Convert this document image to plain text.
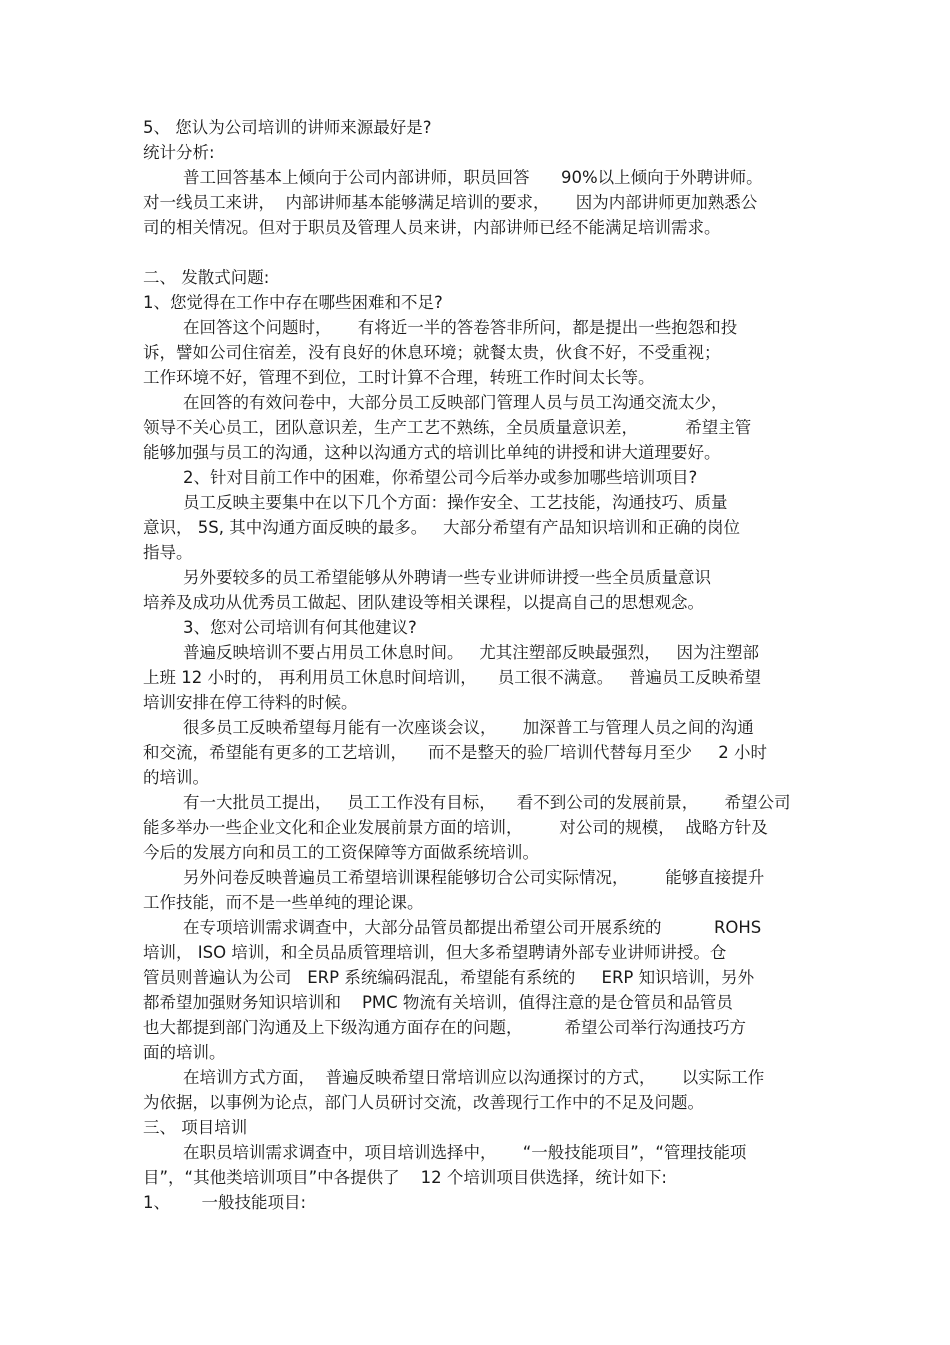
5、 您认为公司培训的讲师来源最好是?
统计分析:
普工回答基本上倾向于公司内部讲师，职员回答      90%以上倾向于外聘讲师。
对一线员工来讲，  内部讲师基本能够满足培训的要求，     因为内部讲师更加熟悉公
司的相关情况。但对于职员及管理人员来讲，内部讲师已经不能满足培训需求。
二、 发散式问题:
1、您觉得在工作中存在哪些困难和不足?
在回答这个问题时，     有将近一半的答卷答非所问，都是提出一些抱怨和投
诉，譬如公司住宿差，没有良好的休息环境；就餐太贵，伙食不好，不受重视；
工作环境不好，管理不到位，工时计算不合理，转班工作时间太长等。
在回答的有效问卷中，大部分员工反映部门管理人员与员工沟通交流太少，
领导不关心员工，团队意识差，生产工艺不熟练，全员质量意识差，         希望主管
能够加强与员工的沟通，这种以沟通方式的培训比单纯的讲授和讲大道理要好。
2、针对目前工作中的困难，你希望公司今后举办或参加哪些培训项目?
员工反映主要集中在以下几个方面：操作安全、工艺技能，沟通技巧、质量
意识， 5S, 其中沟通方面反映的最多。   大部分希望有产品知识培训和正确的岗位
指导。
另外要较多的员工希望能够从外聘请一些专业讲师讲授一些全员质量意识
培养及成功从优秀员工做起、团队建设等相关课程，以提高自己的思想观念。
3、您对公司培训有何其他建议?
普遍反映培训不要占用员工休息时间。   尤其注塑部反映最强烈，   因为注塑部
上班 12 小时的， 再利用员工休息时间培训，    员工很不满意。   普遍员工反映希望
培训安排在停工待料的时候。
很多员工反映希望每月能有一次座谈会议，     加深普工与管理人员之间的沟通
和交流，希望能有更多的工艺培训，    而不是整天的验厂培训代替每月至少     2 小时
的培训。
有一大批员工提出，   员工工作没有目标，    看不到公司的发展前景，     希望公司
能多举办一些企业文化和企业发展前景方面的培训，       对公司的规模，  战略方针及
今后的发展方向和员工的工资保障等方面做系统培训。
另外问卷反映普遍员工希望培训课程能够切合公司实际情况，       能够直接提升
工作技能，而不是一些单纯的理论课。
在专项培训需求调查中，大部分品管员都提出希望公司开展系统的          ROHS
培训， ISO 培训，和全员品质管理培训，但大多希望聘请外部专业讲师讲授。仓
管员则普遍认为公司   ERP 系统编码混乱，希望能有系统的     ERP 知识培训，另外
都希望加强财务知识培训和    PMC 物流有关培训，值得注意的是仓管员和品管员
也大都提到部门沟通及上下级沟通方面存在的问题，        希望公司举行沟通技巧方
面的培训。
在培训方式方面，  普遍反映希望日常培训应以沟通探讨的方式，     以实际工作
为依据，以事例为论点，部门人员研讨交流，改善现行工作中的不足及问题。
三、 项目培训
在职员培训需求调查中，项目培训选择中，     “一般技能项目”，“管理技能项
目”，“其他类培训项目”中各提供了    12 个培训项目供选择，统计如下:
1、      一般技能项目:
